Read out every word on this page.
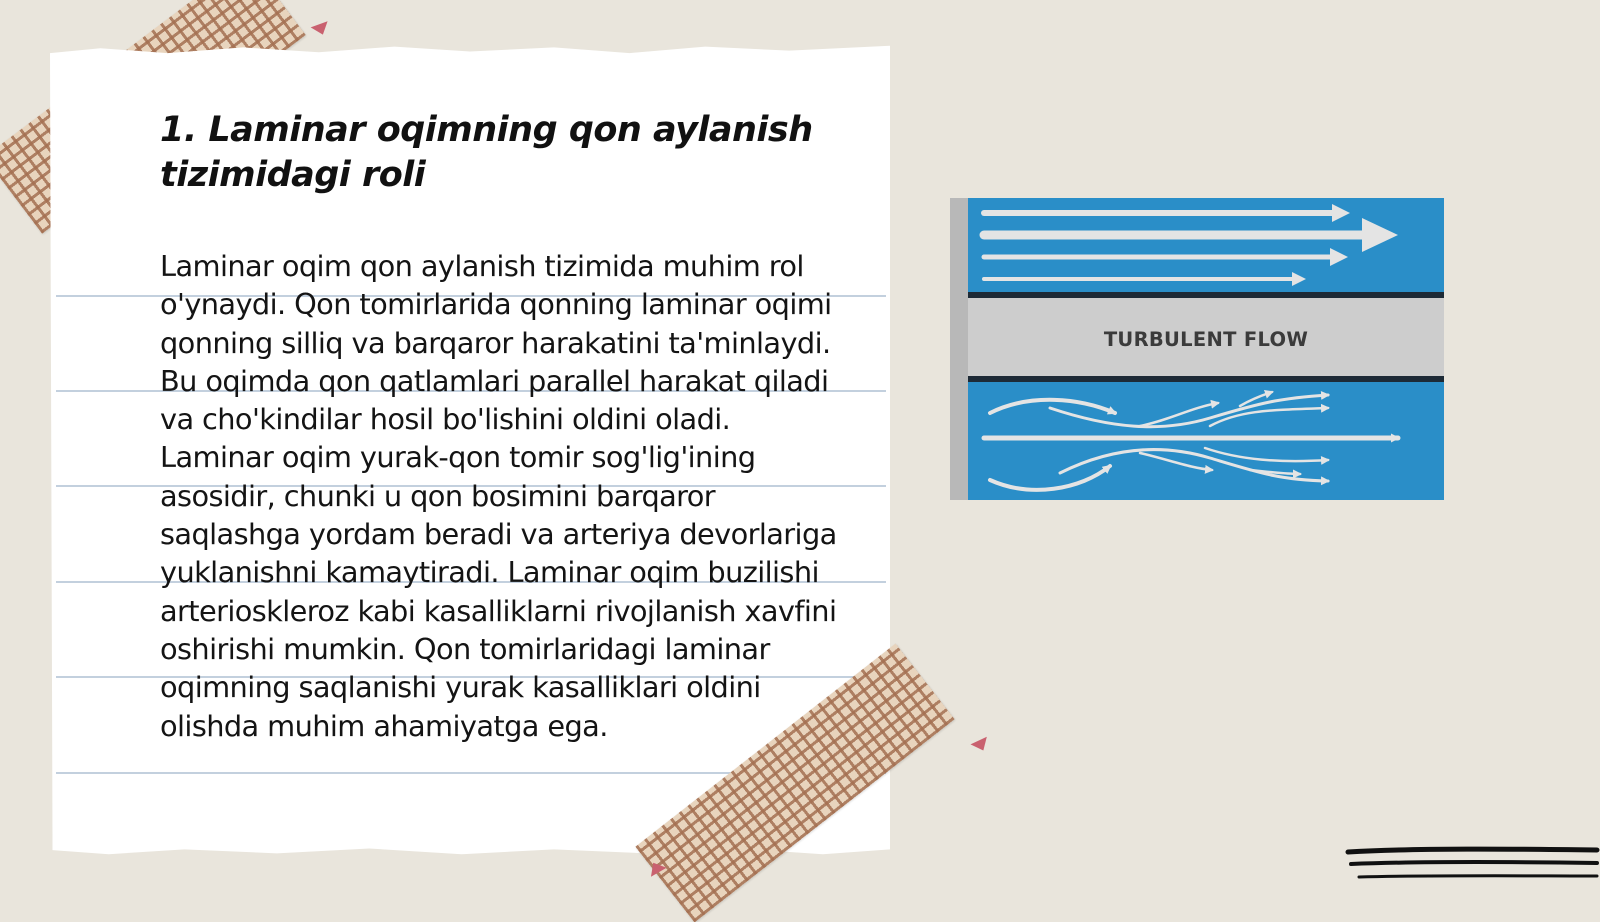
1. Laminar oqimning qon aylanish tizimidagi roli

Laminar oqim qon aylanish tizimida muhim rol o'ynaydi. Qon tomirlarida qonning laminar oqimi qonning silliq va barqaror harakatini ta'minlaydi. Bu oqimda qon qatlamlari parallel harakat qiladi va cho'kindilar hosil bo'lishini oldini oladi. Laminar oqim yurak-qon tomir sog'lig'ining asosidir, chunki u qon bosimini barqaror saqlashga yordam beradi va arteriya devorlariga yuklanishni kamaytiradi. Laminar oqim buzilishi arterioskleroz kabi kasalliklarni rivojlanish xavfini oshirishi mumkin. Qon tomirlaridagi laminar oqimning saqlanishi yurak kasalliklari oldini olishda muhim ahamiyatga ega.

TURBULENT FLOW
